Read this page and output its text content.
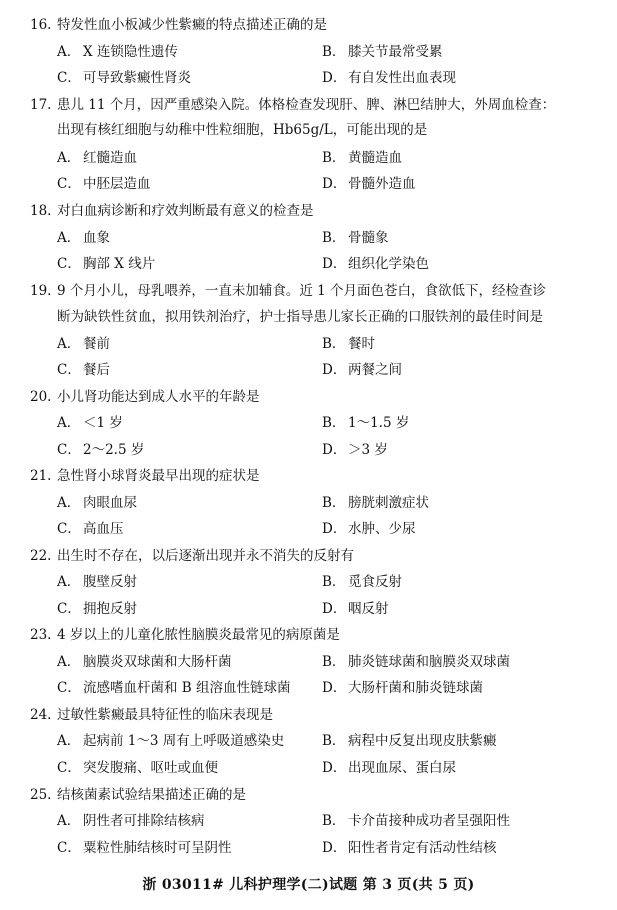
16. 特发性血小板减少性紫癜的特点描述正确的是
A． X 连锁隐性遗传	B． 膝关节最常受累
C． 可导致紫癜性肾炎	D． 有自发性出血表现
17. 患儿 11 个月，因严重感染入院。体格检查发现肝、脾、淋巴结肿大，外周血检查：
出现有核红细胞与幼稚中性粒细胞，Hb65g/L，可能出现的是
A． 红髓造血	B． 黄髓造血
C． 中胚层造血	D． 骨髓外造血
18. 对白血病诊断和疗效判断最有意义的检查是
A． 血象	B． 骨髓象
C． 胸部 X 线片	D． 组织化学染色
19. 9 个月小儿，母乳喂养，一直未加辅食。近 1 个月面色苍白，食欲低下，经检查诊
断为缺铁性贫血，拟用铁剂治疗，护士指导患儿家长正确的口服铁剂的最佳时间是
A． 餐前	B． 餐时
C． 餐后	D． 两餐之间
20. 小儿肾功能达到成人水平的年龄是
A． ＜1 岁	B． 1～1.5 岁
C． 2～2.5 岁	D． ＞3 岁
21. 急性肾小球肾炎最早出现的症状是
A． 肉眼血尿	B． 膀胱刺激症状
C． 高血压	D． 水肿、少尿
22. 出生时不存在，以后逐渐出现并永不消失的反射有
A． 腹壁反射	B． 觅食反射
C． 拥抱反射	D． 咽反射
23. 4 岁以上的儿童化脓性脑膜炎最常见的病原菌是
A． 脑膜炎双球菌和大肠杆菌	B． 肺炎链球菌和脑膜炎双球菌
C． 流感嗜血杆菌和 B 组溶血性链球菌 D． 大肠杆菌和肺炎链球菌
24. 过敏性紫癜最具特征性的临床表现是
A． 起病前 1～3 周有上呼吸道感染史	B． 病程中反复出现皮肤紫癜
C． 突发腹痛、呕吐或血便	D． 出现血尿、蛋白尿
25. 结核菌素试验结果描述正确的是
A． 阴性者可排除结核病	B． 卡介苗接种成功者呈强阳性
C． 粟粒性肺结核时可呈阴性	D． 阳性者肯定有活动性结核
浙 03011# 儿科护理学(二)试题 第 3 页(共 5 页)
